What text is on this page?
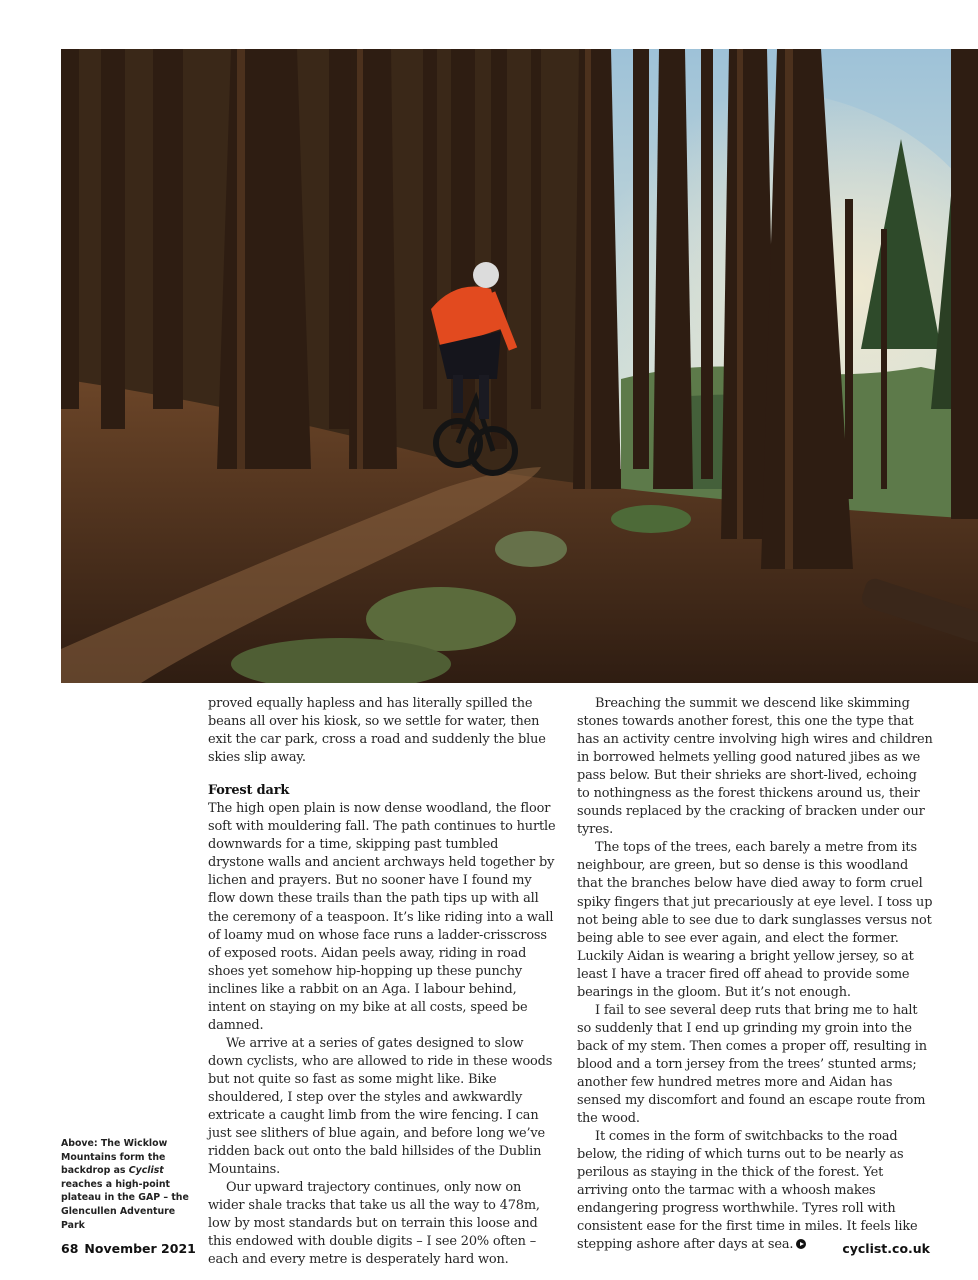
proved equally hapless and has literally spilled the beans all over his kiosk, so we settle for water, then exit the car park, cross a road and suddenly the blue skies slip away.

Forest dark

The high open plain is now dense woodland, the floor soft with mouldering fall. The path continues to hurtle downwards for a time, skipping past tumbled drystone walls and ancient archways held together by lichen and prayers. But no sooner have I found my flow down these trails than the path tips up with all the ceremony of a teaspoon. It’s like riding into a wall of loamy mud on whose face runs a ladder-crisscross of exposed roots. Aidan peels away, riding in road shoes yet somehow hip-hopping up these punchy inclines like a rabbit on an Aga. I labour behind, intent on staying on my bike at all costs, speed be damned.

We arrive at a series of gates designed to slow down cyclists, who are allowed to ride in these woods but not quite so fast as some might like. Bike shouldered, I step over the styles and awkwardly extricate a caught limb from the wire fencing. I can just see slithers of blue again, and before long we’ve ridden back out onto the bald hillsides of the Dublin Mountains.

Our upward trajectory continues, only now on wider shale tracks that take us all the way to 478m, low by most standards but on terrain this loose and this endowed with double digits – I see 20% often – each and every metre is desperately hard won.

Breaching the summit we descend like skimming stones towards another forest, this one the type that has an activity centre involving high wires and children in borrowed helmets yelling good natured jibes as we pass below. But their shrieks are short-lived, echoing to nothingness as the forest thickens around us, their sounds replaced by the cracking of bracken under our tyres.

The tops of the trees, each barely a metre from its neighbour, are green, but so dense is this woodland that the branches below have died away to form cruel spiky fingers that jut precariously at eye level. I toss up not being able to see due to dark sunglasses versus not being able to see ever again, and elect the former. Luckily Aidan is wearing a bright yellow jersey, so at least I have a tracer fired off ahead to provide some bearings in the gloom. But it’s not enough.

I fail to see several deep ruts that bring me to halt so suddenly that I end up grinding my groin into the back of my stem. Then comes a proper off, resulting in blood and a torn jersey from the trees’ stunted arms; another few hundred metres more and Aidan has sensed my discomfort and found an escape route from the wood.

It comes in the form of switchbacks to the road below, the riding of which turns out to be nearly as perilous as staying in the thick of the forest. Yet arriving onto the tarmac with a whoosh makes endangering progress worthwhile. Tyres roll with consistent ease for the first time in miles. It feels like stepping ashore after days at sea.

Above: The Wicklow Mountains form the backdrop as Cyclist reaches a high-point plateau in the GAP – the Glencullen Adventure Park
68 November 2021	cyclist.co.uk
